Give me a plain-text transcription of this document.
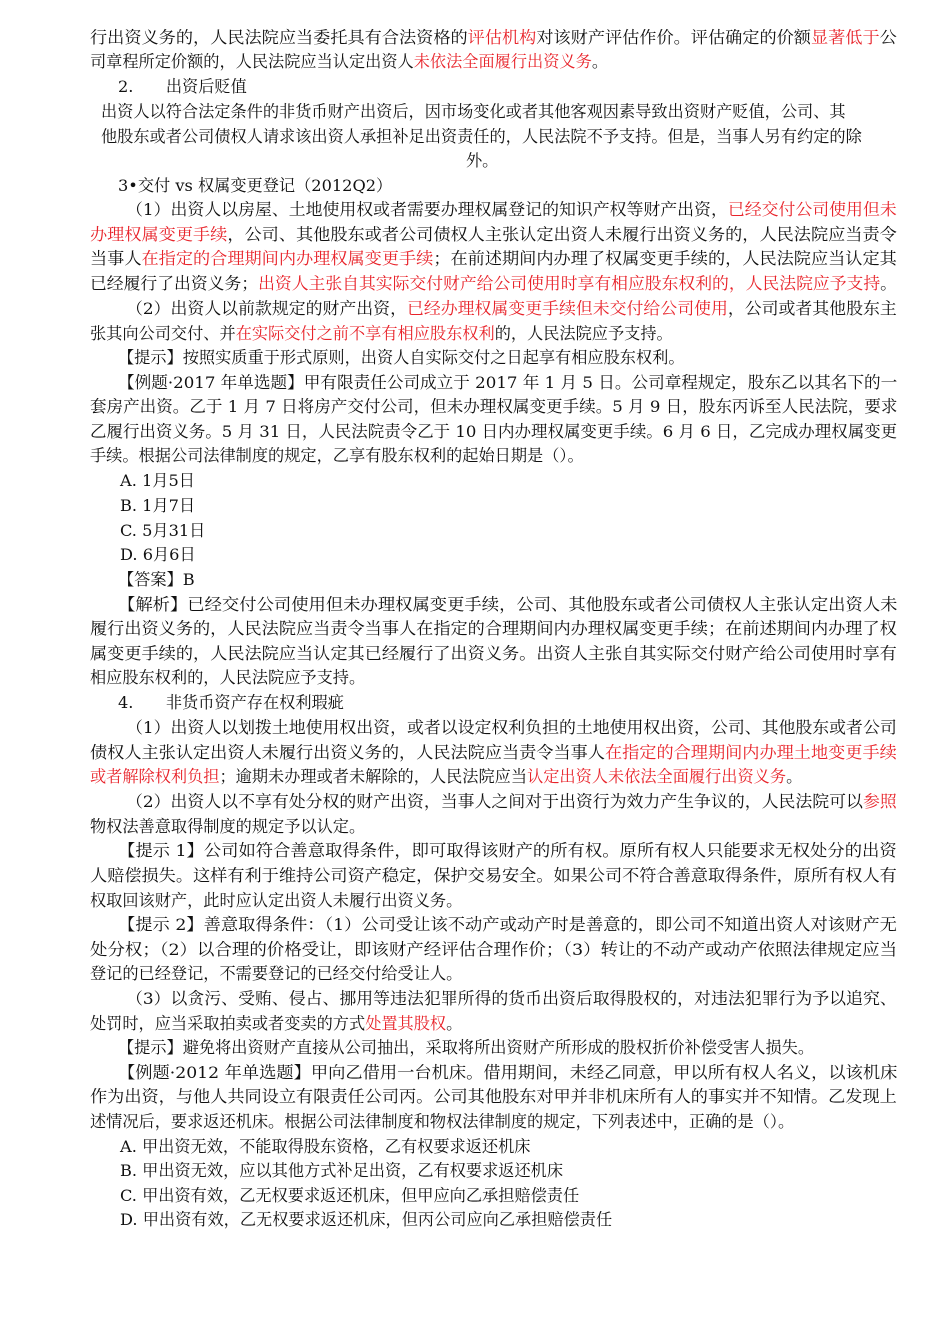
行出资义务的，人民法院应当委托具有合法资格的评估机构对该财产评估作价。评估确定的价额显著低于公
司章程所定价额的，人民法院应当认定出资人未依法全面履行出资义务。
2.　　出资后贬值
出资人以符合法定条件的非货币财产出资后，因市场变化或者其他客观因素导致出资财产贬值，公司、其
他股东或者公司债权人请求该出资人承担补足出资责任的，人民法院不予支持。但是，当事人另有约定的除
外。
3•交付 vs 权属变更登记（2012Q2）
（1）出资人以房屋、土地使用权或者需要办理权属登记的知识产权等财产出资，已经交付公司使用但未
办理权属变更手续，公司、其他股东或者公司债权人主张认定出资人未履行出资义务的，人民法院应当责令
当事人在指定的合理期间内办理权属变更手续；在前述期间内办理了权属变更手续的，人民法院应当认定其
已经履行了出资义务；出资人主张自其实际交付财产给公司使用时享有相应股东权利的，人民法院应予支持。
（2）出资人以前款规定的财产出资，已经办理权属变更手续但未交付给公司使用，公司或者其他股东主
张其向公司交付、并在实际交付之前不享有相应股东权利的，人民法院应予支持。
【提示】按照实质重于形式原则，出资人自实际交付之日起享有相应股东权利。
【例题·2017 年单选题】甲有限责任公司成立于 2017 年 1 月 5 日。公司章程规定，股东乙以其名下的一
套房产出资。乙于 1 月 7 日将房产交付公司，但未办理权属变更手续。5 月 9 日，股东丙诉至人民法院，要求
乙履行出资义务。5 月 31 日，人民法院责令乙于 10 日内办理权属变更手续。6 月 6 日，乙完成办理权属变更
手续。根据公司法律制度的规定，乙享有股东权利的起始日期是（）。
A. 1月5日
B. 1月7日
C. 5月31日
D. 6月6日
【答案】B
【解析】已经交付公司使用但未办理权属变更手续，公司、其他股东或者公司债权人主张认定出资人未
履行出资义务的，人民法院应当责令当事人在指定的合理期间内办理权属变更手续；在前述期间内办理了权
属变更手续的，人民法院应当认定其已经履行了出资义务。出资人主张自其实际交付财产给公司使用时享有
相应股东权利的，人民法院应予支持。
4.　　非货币资产存在权利瑕疵
（1）出资人以划拨土地使用权出资，或者以设定权利负担的土地使用权出资，公司、其他股东或者公司
债权人主张认定出资人未履行出资义务的，人民法院应当责令当事人在指定的合理期间内办理土地变更手续
或者解除权利负担；逾期未办理或者未解除的，人民法院应当认定出资人未依法全面履行出资义务。
（2）出资人以不享有处分权的财产出资，当事人之间对于出资行为效力产生争议的，人民法院可以参照
物权法善意取得制度的规定予以认定。
【提示 1】公司如符合善意取得条件，即可取得该财产的所有权。原所有权人只能要求无权处分的出资
人赔偿损失。这样有利于维持公司资产稳定，保护交易安全。如果公司不符合善意取得条件，原所有权人有
权取回该财产，此时应认定出资人未履行出资义务。
【提示 2】善意取得条件：（1）公司受让该不动产或动产时是善意的，即公司不知道出资人对该财产无
处分权；（2）以合理的价格受让，即该财产经评估合理作价；（3）转让的不动产或动产依照法律规定应当
登记的已经登记，不需要登记的已经交付给受让人。
（3）以贪污、受贿、侵占、挪用等违法犯罪所得的货币出资后取得股权的，对违法犯罪行为予以追究、
处罚时，应当采取拍卖或者变卖的方式处置其股权。
【提示】避免将出资财产直接从公司抽出，采取将所出资财产所形成的股权折价补偿受害人损失。
【例题·2012 年单选题】甲向乙借用一台机床。借用期间，未经乙同意，甲以所有权人名义，以该机床
作为出资，与他人共同设立有限责任公司丙。公司其他股东对甲并非机床所有人的事实并不知情。乙发现上
述情况后，要求返还机床。根据公司法律制度和物权法律制度的规定，下列表述中，正确的是（）。
A. 甲出资无效，不能取得股东资格，乙有权要求返还机床
B. 甲出资无效，应以其他方式补足出资，乙有权要求返还机床
C. 甲出资有效，乙无权要求返还机床，但甲应向乙承担赔偿责任
D. 甲出资有效，乙无权要求返还机床，但丙公司应向乙承担赔偿责任
